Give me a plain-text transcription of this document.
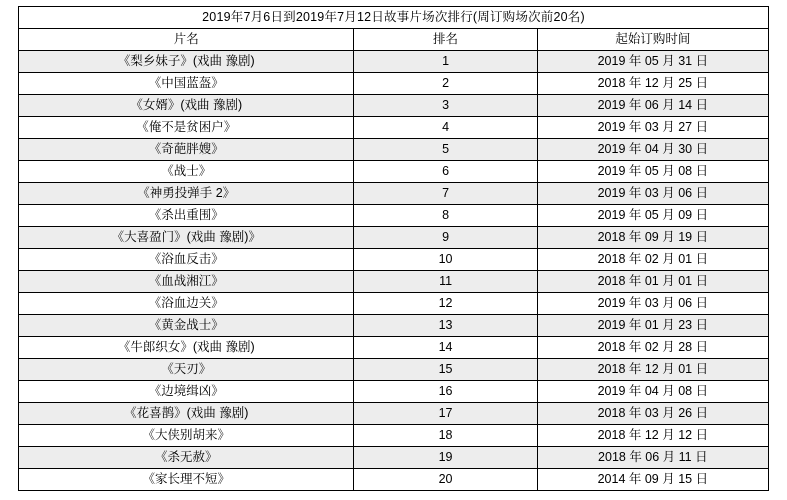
2019年7月6日到2019年7月12日故事片场次排行(周订购场次前20名)		
片名	排名	起始订购时间
《梨乡妹子》(戏曲 豫剧)	1	2019 年 05 月 31 日
《中国蓝盔》	2	2018 年 12 月 25 日
《女婿》(戏曲 豫剧)	3	2019 年 06 月 14 日
《俺不是贫困户》	4	2019 年 03 月 27 日
《奇葩胖嫂》	5	2019 年 04 月 30 日
《战士》	6	2019 年 05 月 08 日
《神勇投弹手 2》	7	2019 年 03 月 06 日
《杀出重围》	8	2019 年 05 月 09 日
《大喜盈门》(戏曲 豫剧)》	9	2018 年 09 月 19 日
《浴血反击》	10	2018 年 02 月 01 日
《血战湘江》	11	2018 年 01 月 01 日
《浴血边关》	12	2019 年 03 月 06 日
《黄金战士》	13	2019 年 01 月 23 日
《牛郎织女》(戏曲 豫剧)	14	2018 年 02 月 28 日
《天刃》	15	2018 年 12 月 01 日
《边境缉凶》	16	2019 年 04 月 08 日
《花喜鹊》(戏曲 豫剧)	17	2018 年 03 月 26 日
《大侠别胡来》	18	2018 年 12 月 12 日
《杀无赦》	19	2018 年 06 月 11 日
《家长理不短》	20	2014 年 09 月 15 日
